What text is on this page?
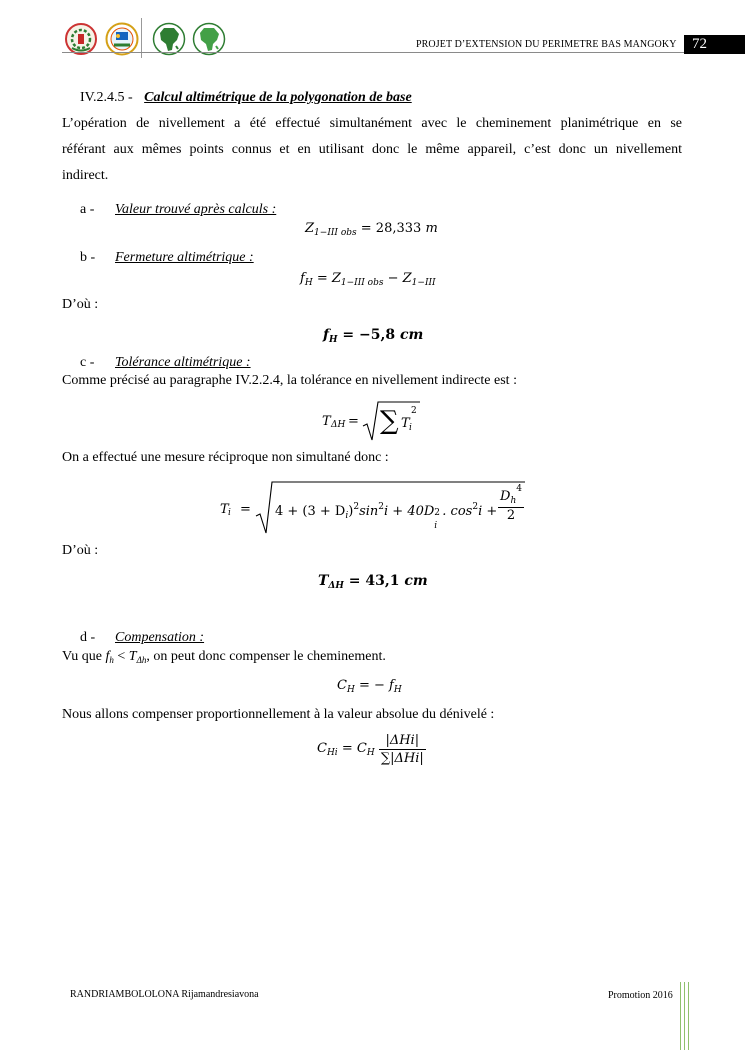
PROJET D’EXTENSION DU PERIMETRE BAS MANGOKY	72
IV.2.4.5 - Calcul altimétrique de la polygonation de base
L’opération de nivellement a été effectué simultanément avec le cheminement planimétrique en se
référant aux mêmes points connus et en utilisant donc le même appareil, c’est donc un nivellement
indirect.
a - Valeur trouvé après calculs :
$Z_{1-III obs} = 28,333$ m
b - Fermeture altimétrique :
$f_H = Z_{1-III obs} - Z_{1-III}$
D’où :
$f_H = -5,8$ cm
c - Tolérance altimétrique :
Comme précisé au paragraphe IV.2.2.4, la tolérance en nivellement indirecte est :
T ΔH = ∑ T i
2
On a effectué une mesure réciproque non simultané donc :
T $i = 4 + (3 + D_i)^2\sin^2i + 40D$ 2
i
. $\cos^2i$ +
$D_h^4$
2
D’où :
$T_{\Delta H} = 43,1$ cm
d - Compensation :
Vu que $f_h < T_{\Delta h}$, on peut donc compenser le cheminement.
$C_H$ = − $f_H$
Nous allons compenser proportionnellement à la valeur absolue du dénivelé :
$C_{Hi} = C_H \frac{\text{|ΔHi|}}{\text{∑|ΔHi|}}$
RANDRIAMBOLOLONA Rijamandresiavona	Promotion 2016
